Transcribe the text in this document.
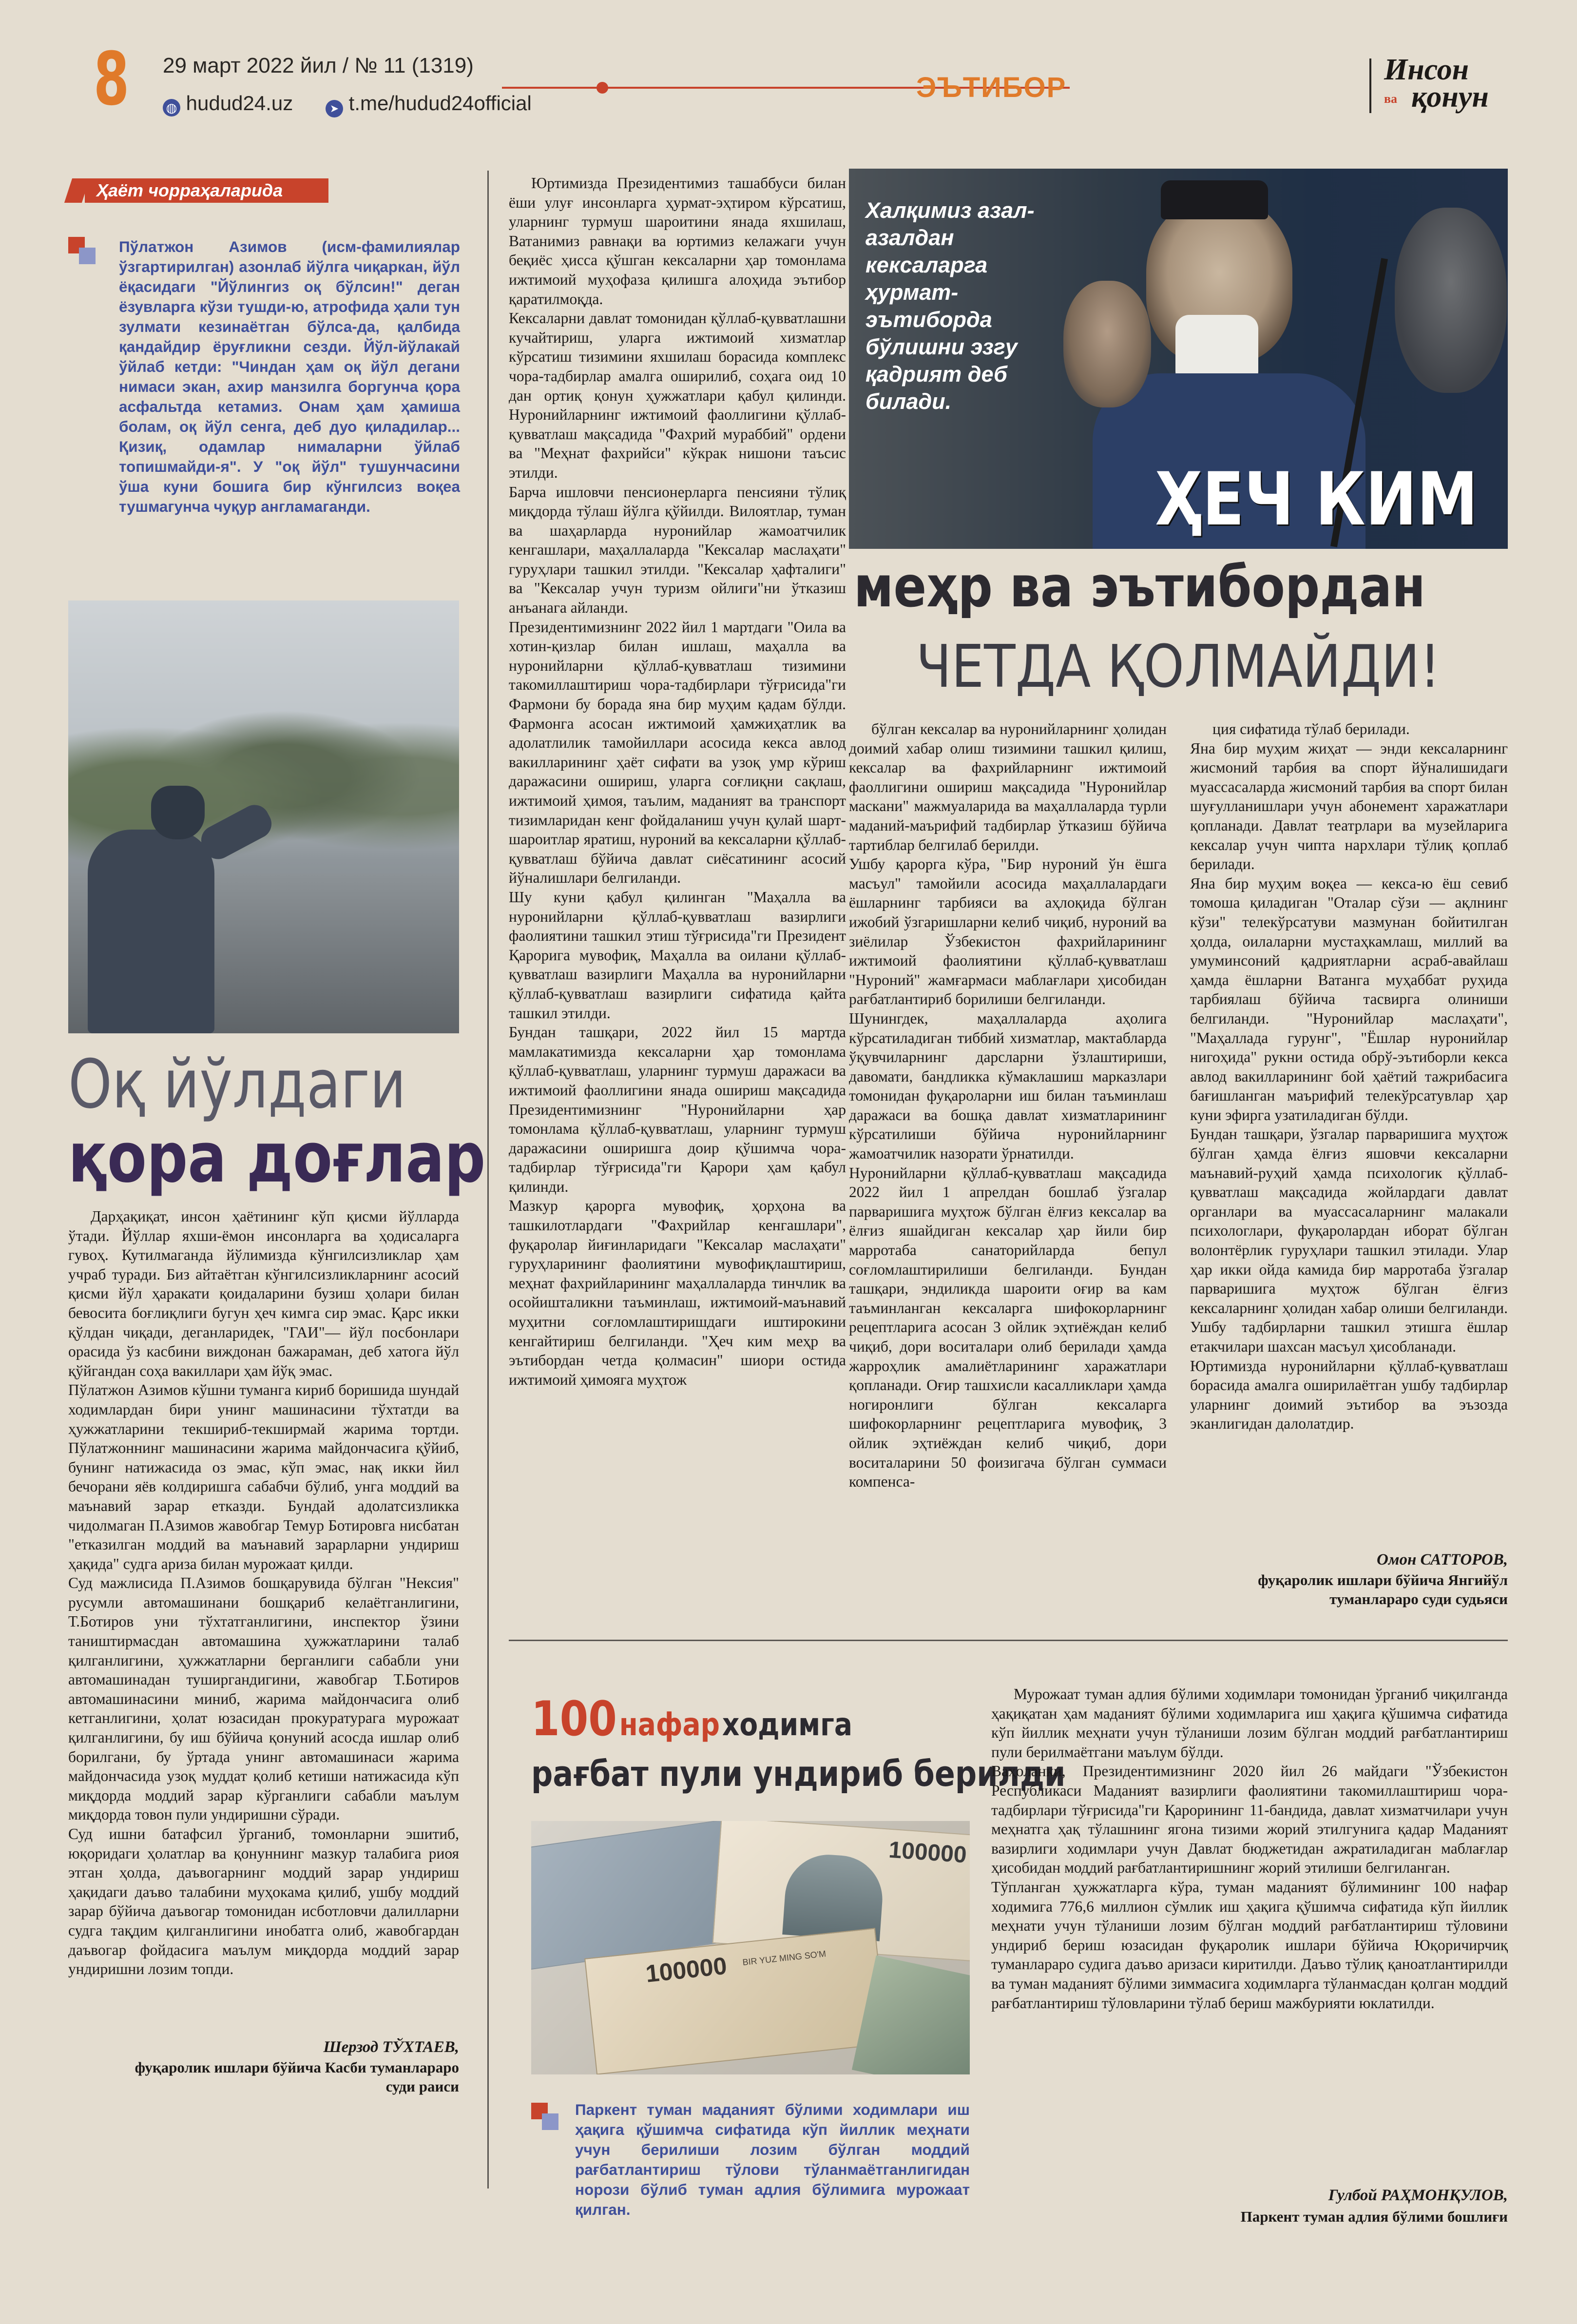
8 29 март 2022 йил / № 11 (1319)
◍ hudud24.uz	➤ t.me/hudud24official	ЭЪТИБОР
Инсон
ва қонун
Ҳаёт чорраҳаларида
Пўлатжон Азимов (исм-фамилиялар ўзгартирилган) азонлаб йўлга чиқаркан, йўл ёқасидаги "Йўлингиз оқ бўлсин!" деган ёзувларга кўзи тушди-ю, атрофида ҳали тун зулмати кезинаётган бўлса-да, қалбида қандайдир ёруғликни сезди. Йўл-йўлакай ўйлаб кетди: "Чиндан ҳам оқ йўл дегани нимаси экан, ахир манзилга боргунча қора асфальтда кетамиз. Онам ҳам ҳамиша болам, оқ йўл сенга, деб дуо қиладилар... Қизиқ, одамлар нималарни ўйлаб топишмайди-я". У "оқ йўл" тушунчасини ўша куни бошига бир кўнгилсиз воқеа тушмагунча чуқур англамаганди.
Оқ йўлдаги
қора доғлар
Дарҳақиқат, инсон ҳаётининг кўп қисми йўлларда ўтади. Йўллар яхши-ёмон инсонларга ва ҳодисаларга гувоҳ. Кутилмаганда йўлимизда кўнгилсизликлар ҳам учраб туради. Биз айтаётган кўнгилсизликларнинг асосий қисми йўл ҳаракати қоидаларини бузиш ҳолари билан бевосита боғлиқлиги бугун ҳеч кимга сир эмас. Қарс икки қўлдан чиқади, деганларидек, "ГАИ"— йўл посбонлари орасида ўз касбини виждонан бажараман, деб хатога йўл қўйгандан соҳа вакиллари ҳам йўқ эмас.
Пўлатжон Азимов кўшни туманга кириб боришида шундай ходимлардан бири унинг машинасини тўхтатди ва ҳужжатларини текшириб-текширмай жарима тортди. Пўлатжоннинг машинасини жарима майдончасига қўйиб, бунинг натижасида оз эмас, кўп эмас, нақ икки йил бечорани яёв колдиришга сабабчи бўлиб, унга моддий ва маънавий зарар етказди. Бундай адолатсизликка чидолмаган П.Азимов жавобгар Темур Ботировга нисбатан "етказилган моддий ва маънавий зарарларни ундириш ҳақида" судга ариза билан мурожаат қилди.
Суд мажлисида П.Азимов бошқарувида бўлган "Нексия" русумли автомашинани бошқариб келаётганлигини, Т.Ботиров уни тўхтатганлигини, инспектор ўзини таништирмасдан автомашина ҳужжатларини талаб қилганлигини, ҳужжатларни берганлиги сабабли уни автомашинадан туширгандигини, жавобгар Т.Ботиров автомашинасини миниб, жарима майдончасига олиб кетганлигини, ҳолат юзасидан прокуратурага мурожаат қилганлигини, бу иш бўйича қонуний асосда ишлар олиб борилгани, бу ўртада унинг автомашинаси жарима майдончасида узоқ муддат қолиб кетиши натижасида кўп миқдорда моддий зарар кўрганлиги сабабли маълум миқдорда товон пули ундиришни сўради.
Суд ишни батафсил ўрганиб, томонларни эшитиб, юқоридаги ҳолатлар ва қонуннинг мазкур талабига риоя этган ҳолда, даъвогарнинг моддий зарар ундириш ҳақидаги даъво талабини муҳокама қилиб, ушбу моддий зарар бўйича даъвогар томонидан исботловчи далилларни судга тақдим қилганлигини инобатга олиб, жавобгардан даъвогар фойдасига маълум миқдорда моддий зарар ундиришни лозим топди.
Шерзод ТЎХТАЕВ,
фуқаролик ишлари бўйича Касби туманлараро
суди раиси
Юртимизда Президентимиз ташаббуси билан ёши улуғ инсонларга ҳурмат-эҳтиром кўрсатиш, уларнинг турмуш шароитини янада яхшилаш, Ватанимиз равнақи ва юртимиз келажаги учун беқиёс ҳисса қўшган кексаларни ҳар томонлама ижтимоий муҳофаза қилишга алоҳида эътибор қаратилмоқда.
Кексаларни давлат томонидан қўллаб-қувватлашни кучайтириш, уларга ижтимоий хизматлар кўрсатиш тизимини яхшилаш борасида комплекс чора-тадбирлар амалга оширилиб, соҳага оид 10 дан ортиқ қонун ҳужжатлари қабул қилинди. Нуронийларнинг ижтимоий фаоллигини қўллаб-қувватлаш мақсадида "Фахрий мураббий" ордени ва "Меҳнат фахрийси" кўкрак нишони таъсис этилди.
Барча ишловчи пенсионерларга пенсияни тўлиқ миқдорда тўлаш йўлга қўйилди. Вилоятлар, туман ва шаҳарларда нуронийлар жамоатчилик кенгашлари, маҳаллаларда "Кексалар маслаҳати" гуруҳлари ташкил этилди. "Кексалар ҳафталиги" ва "Кексалар учун туризм ойлиги"ни ўтказиш анъанага айланди.
Президентимизнинг 2022 йил 1 мартдаги "Оила ва хотин-қизлар билан ишлаш, маҳалла ва нуронийларни қўллаб-қувватлаш тизимини такомиллаштириш чора-тадбирлари тўғрисида"ги Фармони бу борада яна бир муҳим қадам бўлди. Фармонга асосан ижтимоий ҳамжиҳатлик ва адолатлилик тамойиллари асосида кекса авлод вакилларининг ҳаёт сифати ва узоқ умр кўриш даражасини ошириш, уларга соғлиқни сақлаш, ижтимоий ҳимоя, таълим, маданият ва транспорт тизимларидан кенг фойдаланиш учун қулай шарт-шароитлар яратиш, нуроний ва кексаларни қўллаб-қувватлаш бўйича давлат сиёсатининг асосий йўналишлари белгиланди.
Шу куни қабул қилинган "Маҳалла ва нуронийларни қўллаб-қувватлаш вазирлиги фаолиятини ташкил этиш тўғрисида"ги Президент Қарорига мувофиқ, Маҳалла ва оилани қўллаб-қувватлаш вазирлиги Маҳалла ва нуронийларни қўллаб-қувватлаш вазирлиги сифатида қайта ташкил этилди.
Бундан ташқари, 2022 йил 15 мартда мамлакатимизда кексаларни ҳар томонлама қўллаб-қувватлаш, уларнинг турмуш даражаси ва ижтимоий фаоллигини янада ошириш мақсадида Президентимизнинг "Нуронийларни ҳар томонлама қўллаб-қувватлаш, уларнинг турмуш даражасини оширишга доир қўшимча чора-тадбирлар тўғрисида"ги Қарори ҳам қабул қилинди.
Мазкур қарорга мувофиқ, ҳорҳона ва ташкилотлардаги "Фахрийлар кенгашлари", фуқаролар йиғинларидаги "Кексалар маслаҳати" гуруҳларининг фаолиятини мувофиқлаштириш, меҳнат фахрийларининг маҳаллаларда тинчлик ва осойишталикни таъминлаш, ижтимоий-маънавий муҳитни соғломлаштиришдаги иштирокини кенгайтириш белгиланди. "Ҳеч ким меҳр ва эътибордан четда қолмасин" шиори остида ижтимоий ҳимояга муҳтож
Халқимиз азал-азалдан кексаларга ҳурмат-эътиборда бўлишни эзгу қадрият деб билади.
ҲЕЧ КИМ
меҳр ва эътибордан
ЧЕТДА ҚОЛМАЙДИ!
бўлган кексалар ва нуронийларнинг ҳолидан доимий хабар олиш тизимини ташкил қилиш, кексалар ва фахрийларнинг ижтимоий фаоллигини ошириш мақсадида "Нуронийлар маскани" мажмуаларида ва маҳаллаларда турли маданий-маърифий тадбирлар ўтказиш бўйича тартиблар белгилаб берилди.
Ушбу қарорга кўра, "Бир нуроний ўн ёшга масъул" тамойили асосида маҳаллалардаги ёшларнинг тарбияси ва аҳлоқида бўлган ижобий ўзгаришларни келиб чиқиб, нуроний ва зиёлилар Ўзбекистон фахрийларининг ижтимоий фаолиятини қўллаб-қувватлаш "Нуроний" жамғармаси маблағлари ҳисобидан рағбатлантириб борилиши белгиланди.
Шунингдек, маҳаллаларда аҳолига кўрсатиладиган тиббий хизматлар, мактабларда ўқувчиларнинг дарсларни ўзлаштириши, давомати, бандликка кўмаклашиш марказлари томонидан фуқароларни иш билан таъминлаш даражаси ва бошқа давлат хизматларининг кўрсатилиши бўйича нуронийларнинг жамоатчилик назорати ўрнатилди.
Нуронийларни қўллаб-қувватлаш мақсадида 2022 йил 1 апрелдан бошлаб ўзгалар парваришига муҳтож бўлган ёлғиз кексалар ва ёлғиз яшайдиган кексалар ҳар йили бир марротаба санаторийларда бепул соғломлаштирилиши белгиланди. Бундан ташқари, эндиликда шароити оғир ва кам таъминланган кексаларга шифокорларнинг рецептларига асосан 3 ойлик эҳтиёждан келиб чиқиб, дори воситалари олиб берилади ҳамда жарроҳлик амалиётларининг харажатлари қопланади. Оғир ташхисли касалликлари ҳамда ногиронлиги бўлган кексаларга шифокорларнинг рецептларига мувофиқ, 3 ойлик эҳтиёждан келиб чиқиб, дори воситаларини 50 фоизигача бўлган суммаси компенса-
ция сифатида тўлаб берилади.
Яна бир муҳим жиҳат — энди кексаларнинг жисмоний тарбия ва спорт йўналишидаги муассасаларда жисмоний тарбия ва спорт билан шуғулланишлари учун абонемент харажатлари қопланади. Давлат театрлари ва музейларига кексалар учун чипта нархлари тўлиқ қоплаб берилади.
Яна бир муҳим воқеа — кекса-ю ёш севиб томоша қиладиган "Оталар сўзи — ақлнинг кўзи" телекўрсатуви мазмунан бойитилган ҳолда, оилаларни мустаҳкамлаш, миллий ва умуминсоний қадриятларни асраб-авайлаш ҳамда ёшларни Ватанга муҳаббат руҳида тарбиялаш бўйича тасвирга олиниши белгиланди. "Нуронийлар маслаҳати", "Маҳаллада гурунг", "Ёшлар нуронийлар нигоҳида" рукни остида обрў-эътиборли кекса авлод вакилларининг бой ҳаётий тажрибасига бағишланган маърифий телекўрсатувлар ҳар куни эфирга узатиладиган бўлди.
Бундан ташқари, ўзгалар парваришига муҳтож бўлган ҳамда ёлғиз яшовчи кексаларни маънавий-руҳий ҳамда психологик қўллаб-қувватлаш мақсадида жойлардаги давлат органлари ва муассасаларнинг малакали психологлари, фуқаролардан иборат бўлган волонтёрлик гуруҳлари ташкил этилади. Улар ҳар икки ойда камида бир марротаба ўзгалар парваришига муҳтож бўлган ёлғиз кексаларнинг ҳолидан хабар олиши белгиланди. Ушбу тадбирларни ташкил этишга ёшлар етакчилари шахсан масъул ҳисобланади.
Юртимизда нуронийларни қўллаб-қувватлаш борасида амалга оширилаётган ушбу тадбирлар уларнинг доимий эътибор ва эъзозда эканлигидан далолатдир.
Омон САТТОРОВ,
фуқаролик ишлари бўйича Янгийўл
туманлараро суди судьяси
100 нафар ходимга
рағбат пули ундириб берилди
100000
100000 BIR YUZ MING SO'M
Паркент туман маданият бўлими ходимлари иш ҳақига қўшимча сифатида кўп йиллик меҳнати учун берилиши лозим бўлган моддий рағбатлантириш тўлови тўланмаётганлигидан норози бўлиб туман адлия бўлимига мурожаат қилган.
Мурожаат туман адлия бўлими ходимлари томонидан ўрганиб чиқилганда ҳақиқатан ҳам маданият бўлими ходимларига иш ҳақига қўшимча сифатида кўп йиллик меҳнати учун тўланиши лозим бўлган моддий рағбатлантириш пули берилмаётгани маълум бўлди.
Ваҳоланки, Президентимизнинг 2020 йил 26 майдаги "Ўзбекистон Республикаси Маданият вазирлиги фаолиятини такомиллаштириш чора-тадбирлари тўғрисида"ги Қарорининг 11-бандида, давлат хизматчилари учун меҳнатга ҳақ тўлашнинг ягона тизими жорий этилгунига қадар Маданият вазирлиги ходимлари учун Давлат бюджетидан ажратиладиган маблағлар ҳисобидан моддий рағбатлантиришнинг жорий этилиши белгиланган.
Тўпланган ҳужжатларга кўра, туман маданият бўлимининг 100 нафар ходимига 776,6 миллион сўмлик иш ҳақига қўшимча сифатида кўп йиллик меҳнати учун тўланиши лозим бўлган моддий рағбатлантириш тўловини ундириб бериш юзасидан фуқаролик ишлари бўйича Юқоричирчиқ туманлараро судига даъво аризаси киритилди. Даъво тўлиқ қаноатлантирилди ва туман маданият бўлими зиммасига ходимларга тўланмасдан қолган моддий рағбатлантириш тўловларини тўлаб бериш мажбурияти юклатилди.
Гулбой РАҲМОНҚУЛОВ,
Паркент туман адлия бўлими бошлиғи
